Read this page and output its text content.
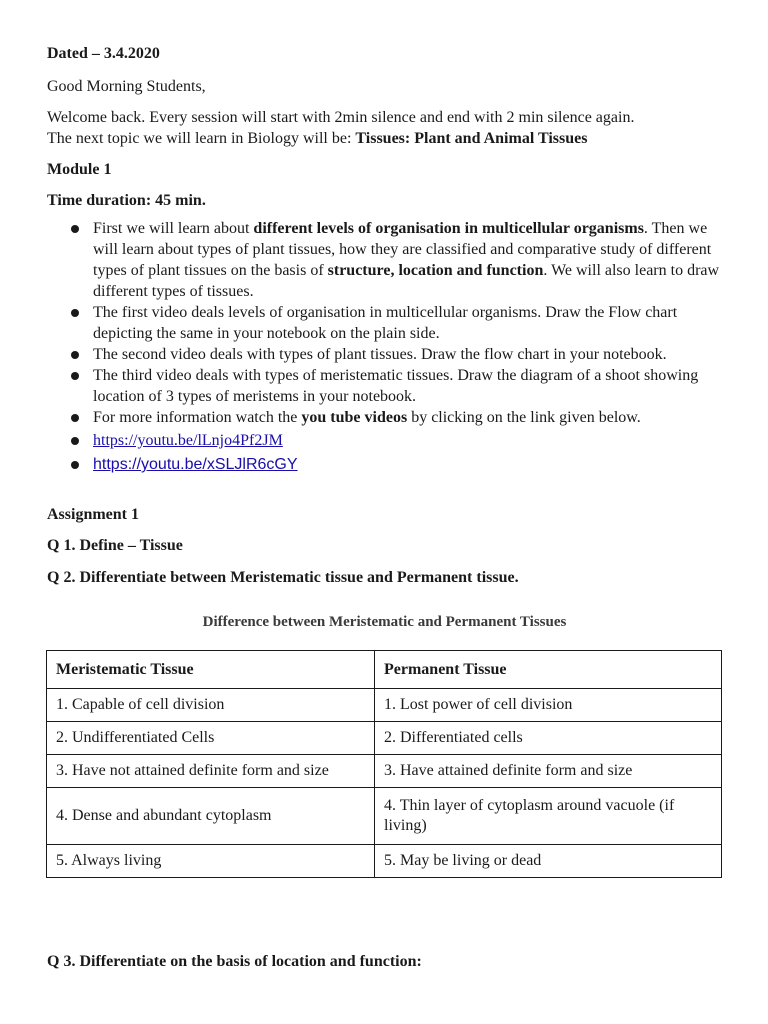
Dated – 3.4.2020

Good Morning Students,

Welcome back. Every session will start with 2min silence and end with 2 min silence again.

The next topic we will learn in Biology will be: Tissues: Plant and Animal Tissues

Module 1

Time duration: 45 min.

First we will learn about different levels of organisation in multicellular organisms. Then we will learn about types of plant tissues, how they are classified and comparative study of different types of plant tissues on the basis of structure, location and function. We will also learn to draw different types of tissues.
The first video deals levels of organisation in multicellular organisms. Draw the Flow chart depicting the same in your notebook on the plain side.
The second video deals with types of plant tissues. Draw the flow chart in your notebook.
The third video deals with types of meristematic tissues. Draw the diagram of a shoot showing location of 3 types of meristems in your notebook.
For more information watch the you tube videos by clicking on the link given below.
https://youtu.be/lLnjo4Pf2JM
https://youtu.be/xSLJlR6cGY

Assignment 1

Q 1. Define – Tissue

Q 2. Differentiate between Meristematic tissue and Permanent tissue.

Difference between Meristematic and Permanent Tissues
Meristematic Tissue	Permanent Tissue
1. Capable of cell division	1. Lost power of cell division
2. Undifferentiated Cells	2. Differentiated cells
3. Have not attained definite form and size	3. Have attained definite form and size
4. Dense and abundant cytoplasm	4. Thin layer of cytoplasm around vacuole (if living)
5. Always living	5. May be living or dead

Q 3. Differentiate on the basis of location and function:
